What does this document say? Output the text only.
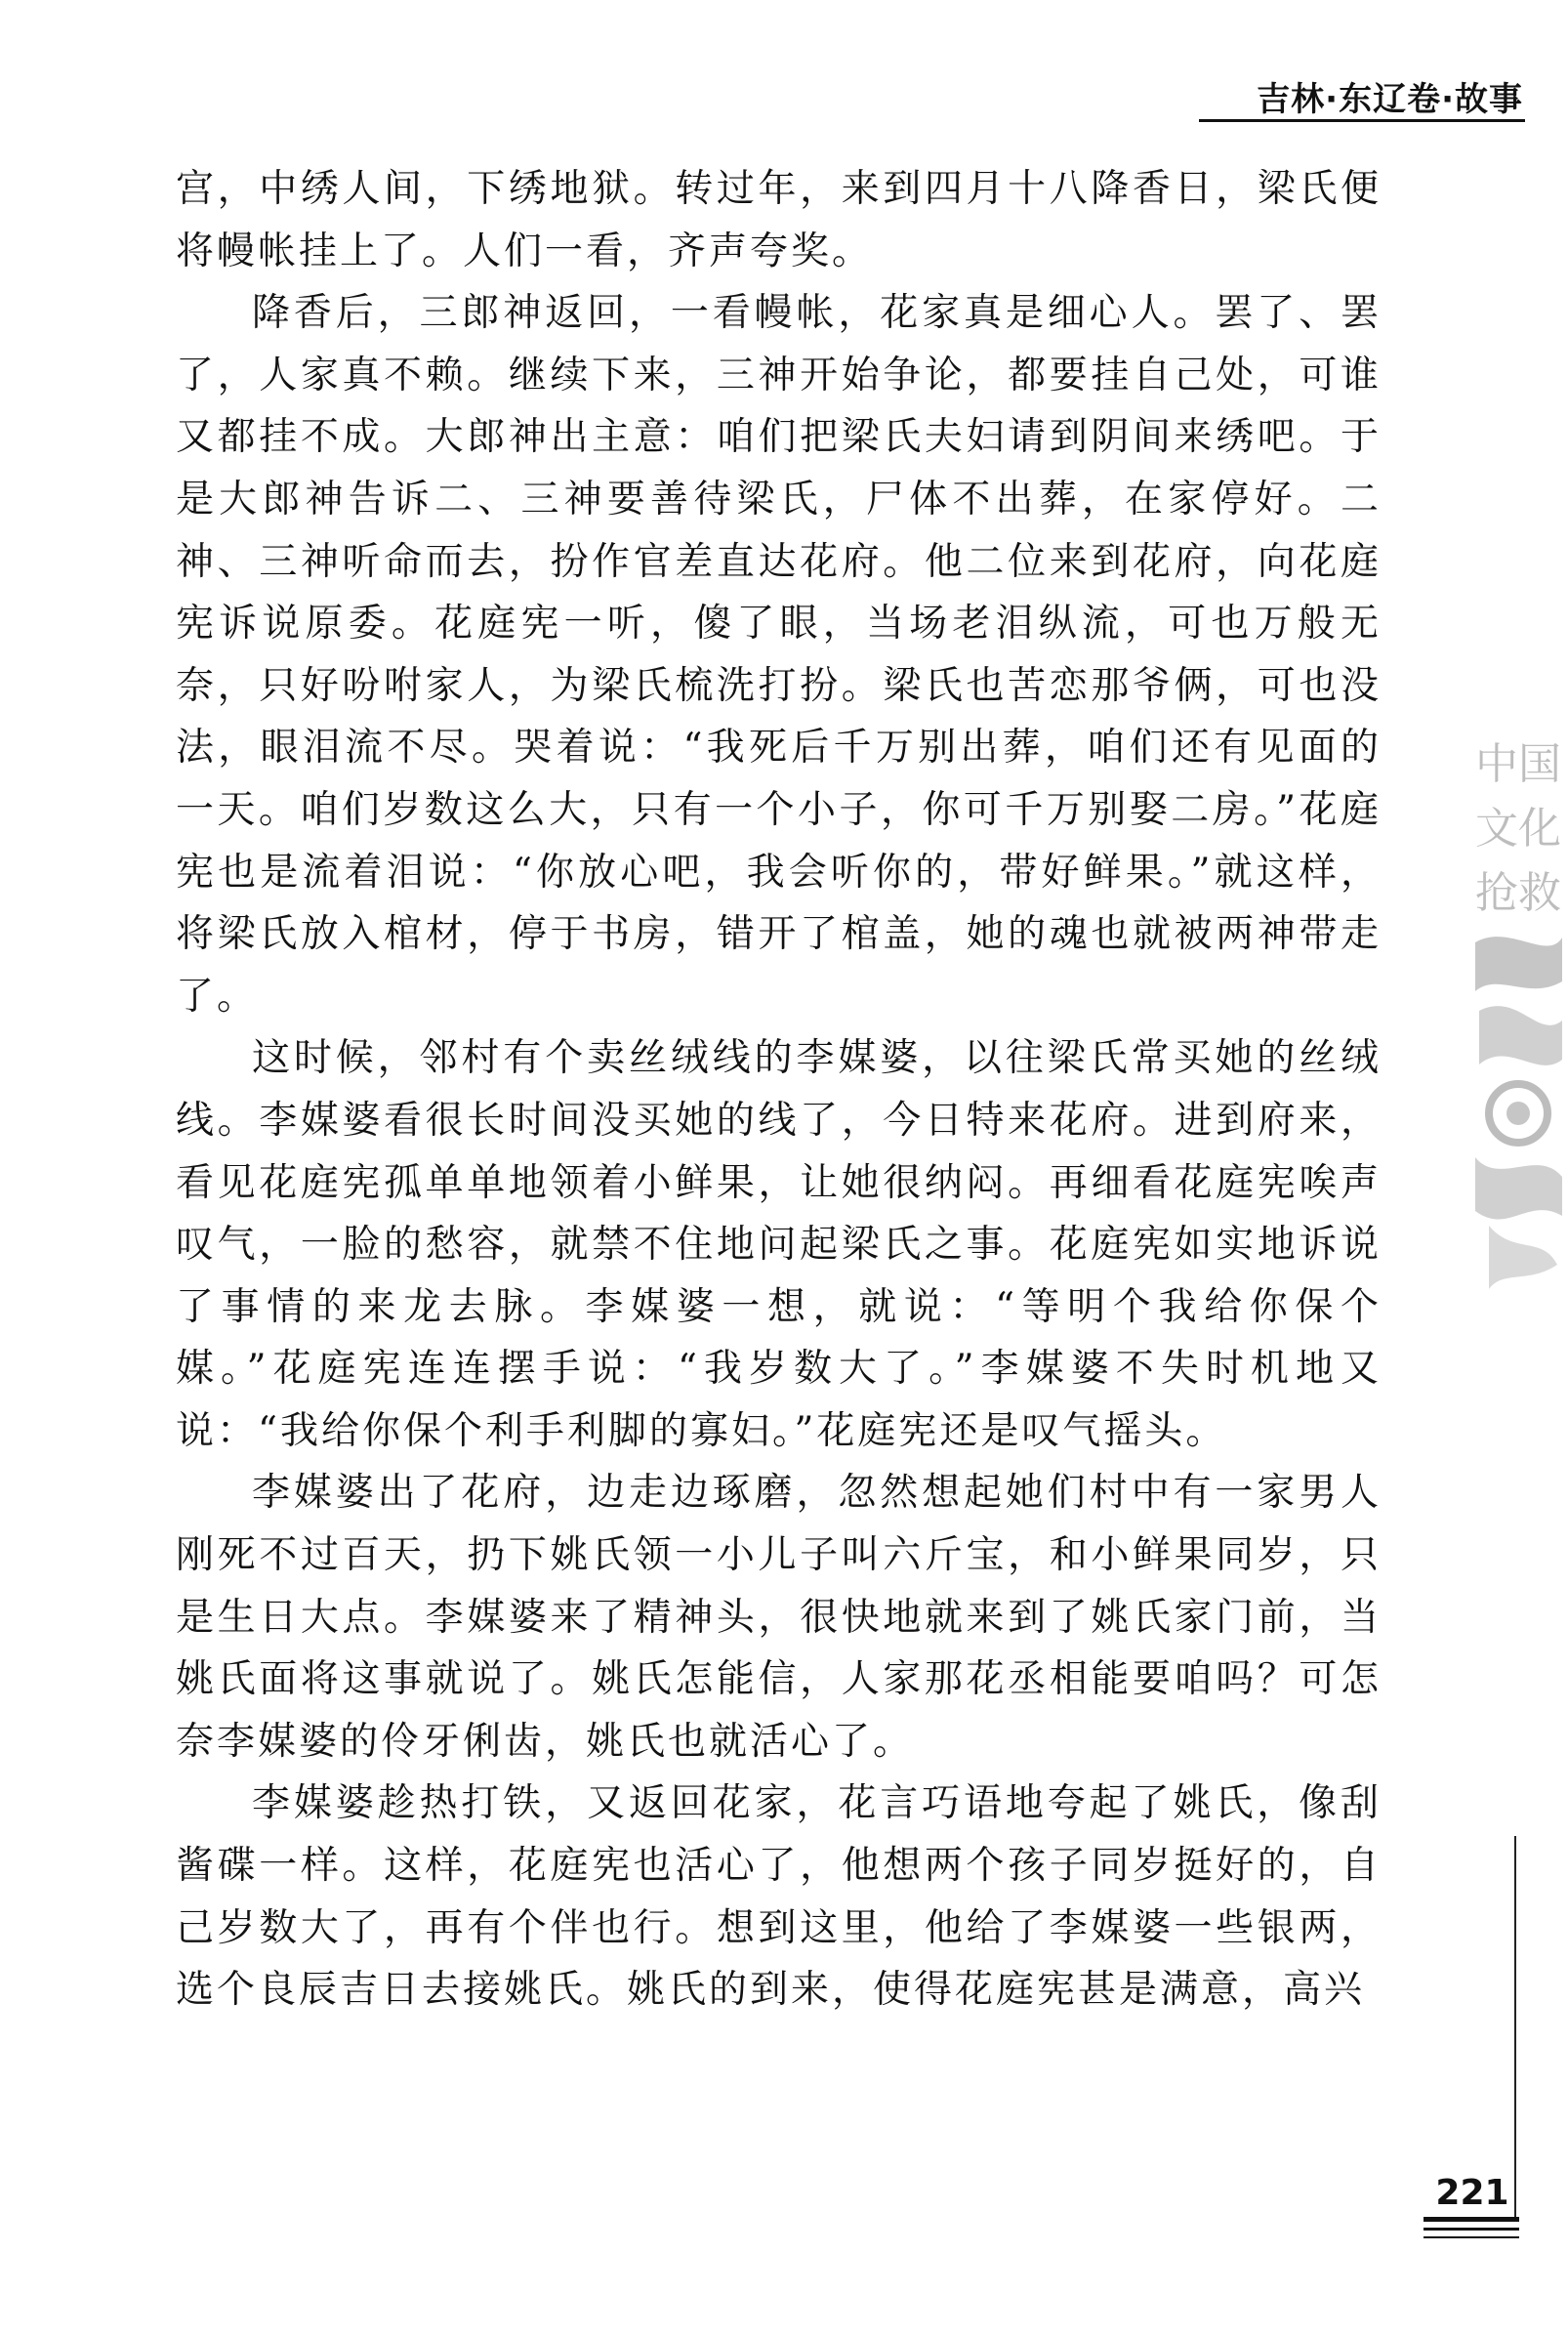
吉林·东辽卷·故事

宫，中绣人间，下绣地狱。转过年，来到四月十八降香日，梁氏便将幔帐挂上了。人们一看，齐声夸奖。

降香后，三郎神返回，一看幔帐，花家真是细心人。罢了、罢了，人家真不赖。继续下来，三神开始争论，都要挂自己处，可谁又都挂不成。大郎神出主意：咱们把梁氏夫妇请到阴间来绣吧。于是大郎神告诉二、三神要善待梁氏，尸体不出葬，在家停好。二神、三神听命而去，扮作官差直达花府。他二位来到花府，向花庭宪诉说原委。花庭宪一听，傻了眼，当场老泪纵流，可也万般无奈，只好吩咐家人，为梁氏梳洗打扮。梁氏也苦恋那爷俩，可也没法，眼泪流不尽。哭着说：“我死后千万别出葬，咱们还有见面的一天。咱们岁数这么大，只有一个小子，你可千万别娶二房。”花庭宪也是流着泪说：“你放心吧，我会听你的，带好鲜果。”就这样，将梁氏放入棺材，停于书房，错开了棺盖，她的魂也就被两神带走了。

这时候，邻村有个卖丝绒线的李媒婆，以往梁氏常买她的丝绒线。李媒婆看很长时间没买她的线了，今日特来花府。进到府来，看见花庭宪孤单单地领着小鲜果，让她很纳闷。再细看花庭宪唉声叹气，一脸的愁容，就禁不住地问起梁氏之事。花庭宪如实地诉说了事情的来龙去脉。李媒婆一想，就说：“等明个我给你保个媒。”花庭宪连连摆手说：“我岁数大了。”李媒婆不失时机地又说：“我给你保个利手利脚的寡妇。”花庭宪还是叹气摇头。

李媒婆出了花府，边走边琢磨，忽然想起她们村中有一家男人刚死不过百天，扔下姚氏领一小儿子叫六斤宝，和小鲜果同岁，只是生日大点。李媒婆来了精神头，很快地就来到了姚氏家门前，当姚氏面将这事就说了。姚氏怎能信，人家那花丞相能要咱吗？可怎奈李媒婆的伶牙俐齿，姚氏也就活心了。

李媒婆趁热打铁，又返回花家，花言巧语地夸起了姚氏，像刮酱碟一样。这样，花庭宪也活心了，他想两个孩子同岁挺好的，自己岁数大了，再有个伴也行。想到这里，他给了李媒婆一些银两，选个良辰吉日去接姚氏。姚氏的到来，使得花庭宪甚是满意，高兴

中国
文化
抢救
221
